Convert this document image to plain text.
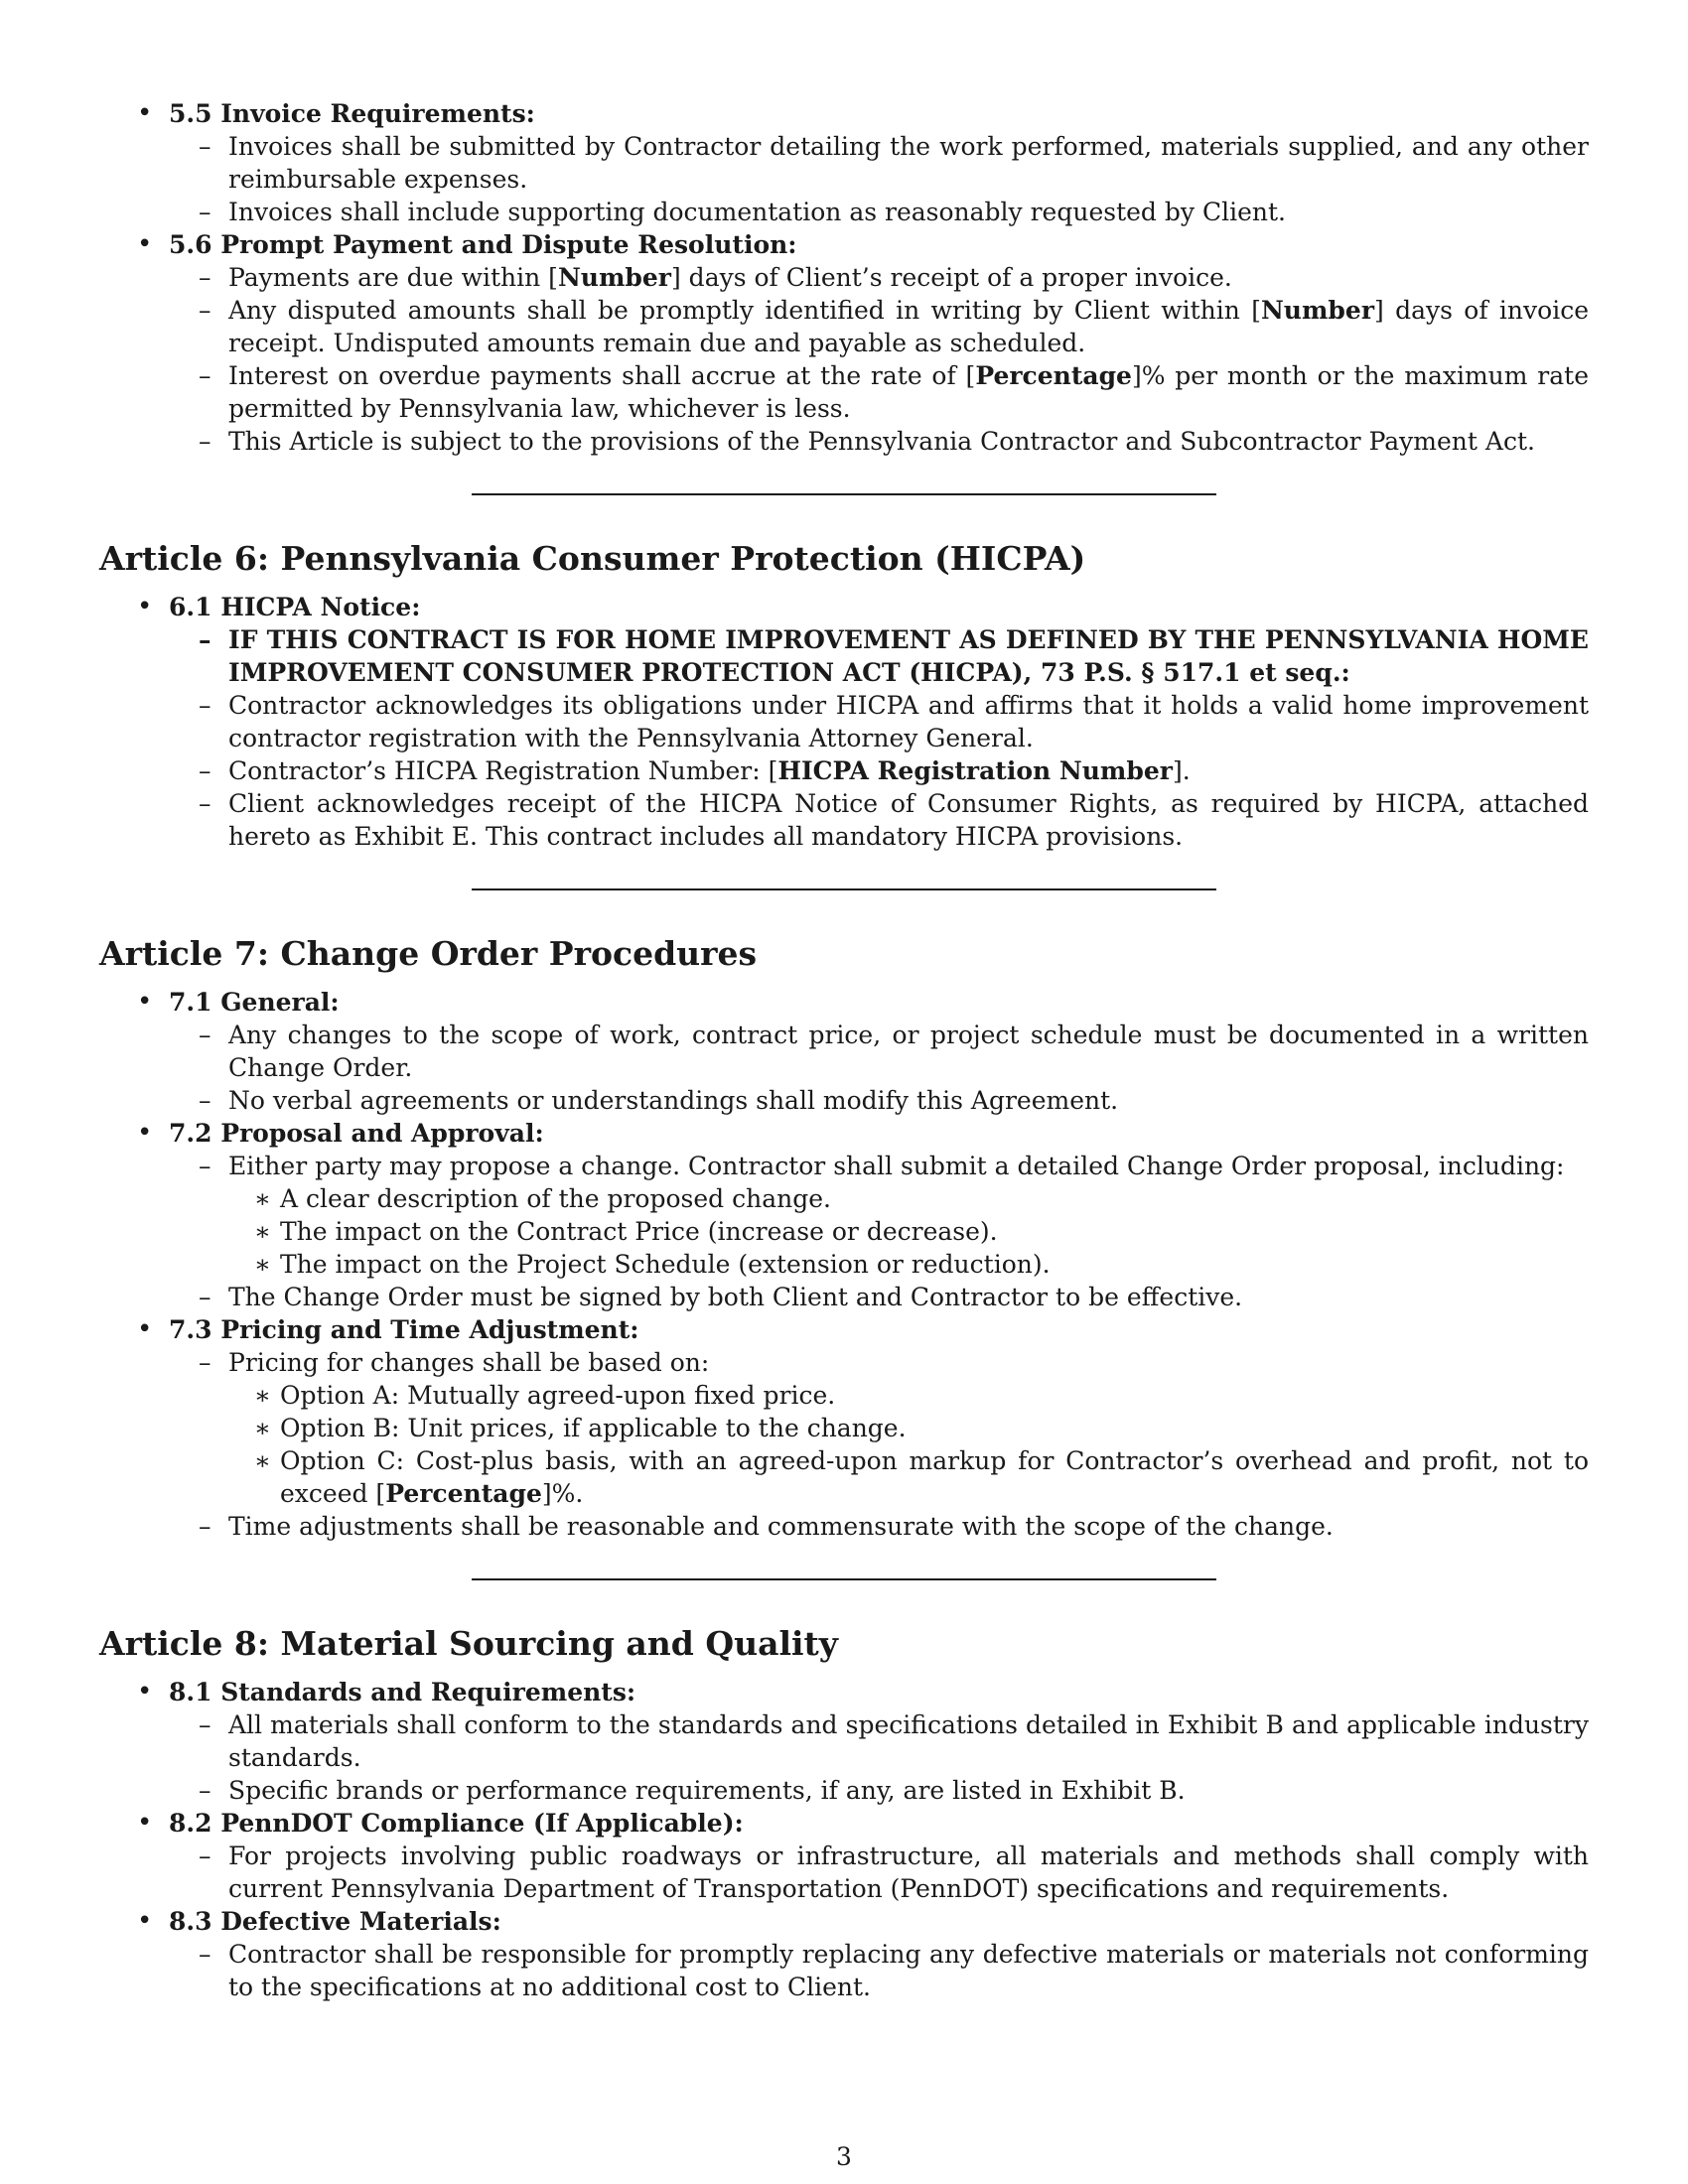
• 5.5 Invoice Requirements:
– Invoices shall be submitted by Contractor detailing the work performed, materials supplied, and any other reimbursable expenses.
– Invoices shall include supporting documentation as reasonably requested by Client.
• 5.6 Prompt Payment and Dispute Resolution:
– Payments are due within [Number] days of Client’s receipt of a proper invoice.
– Any disputed amounts shall be promptly identified in writing by Client within [Number] days of invoice receipt. Undisputed amounts remain due and payable as scheduled.
– Interest on overdue payments shall accrue at the rate of [Percentage]% per month or the maximum rate permitted by Pennsylvania law, whichever is less.
– This Article is subject to the provisions of the Pennsylvania Contractor and Subcontractor Payment Act.
Article 6: Pennsylvania Consumer Protection (HICPA)
• 6.1 HICPA Notice:
– IF THIS CONTRACT IS FOR HOME IMPROVEMENT AS DEFINED BY THE PENNSYLVANIA HOME IMPROVEMENT CONSUMER PROTECTION ACT (HICPA), 73 P.S. § 517.1 et seq.:
– Contractor acknowledges its obligations under HICPA and affirms that it holds a valid home improvement contractor registration with the Pennsylvania Attorney General.
– Contractor’s HICPA Registration Number: [HICPA Registration Number].
– Client acknowledges receipt of the HICPA Notice of Consumer Rights, as required by HICPA, attached hereto as Exhibit E. This contract includes all mandatory HICPA provisions.
Article 7: Change Order Procedures
• 7.1 General:
– Any changes to the scope of work, contract price, or project schedule must be documented in a written Change Order.
– No verbal agreements or understandings shall modify this Agreement.
• 7.2 Proposal and Approval:
– Either party may propose a change. Contractor shall submit a detailed Change Order proposal, including:
∗ A clear description of the proposed change.
∗ The impact on the Contract Price (increase or decrease).
∗ The impact on the Project Schedule (extension or reduction).
– The Change Order must be signed by both Client and Contractor to be effective.
• 7.3 Pricing and Time Adjustment:
– Pricing for changes shall be based on:
∗ Option A: Mutually agreed-upon fixed price.
∗ Option B: Unit prices, if applicable to the change.
∗ Option C: Cost-plus basis, with an agreed-upon markup for Contractor’s overhead and profit, not to exceed [Percentage]%.
– Time adjustments shall be reasonable and commensurate with the scope of the change.
Article 8: Material Sourcing and Quality
• 8.1 Standards and Requirements:
– All materials shall conform to the standards and specifications detailed in Exhibit B and applicable industry standards.
– Specific brands or performance requirements, if any, are listed in Exhibit B.
• 8.2 PennDOT Compliance (If Applicable):
– For projects involving public roadways or infrastructure, all materials and methods shall comply with current Pennsylvania Department of Transportation (PennDOT) specifications and requirements.
• 8.3 Defective Materials:
– Contractor shall be responsible for promptly replacing any defective materials or materials not conforming to the specifications at no additional cost to Client.
3
